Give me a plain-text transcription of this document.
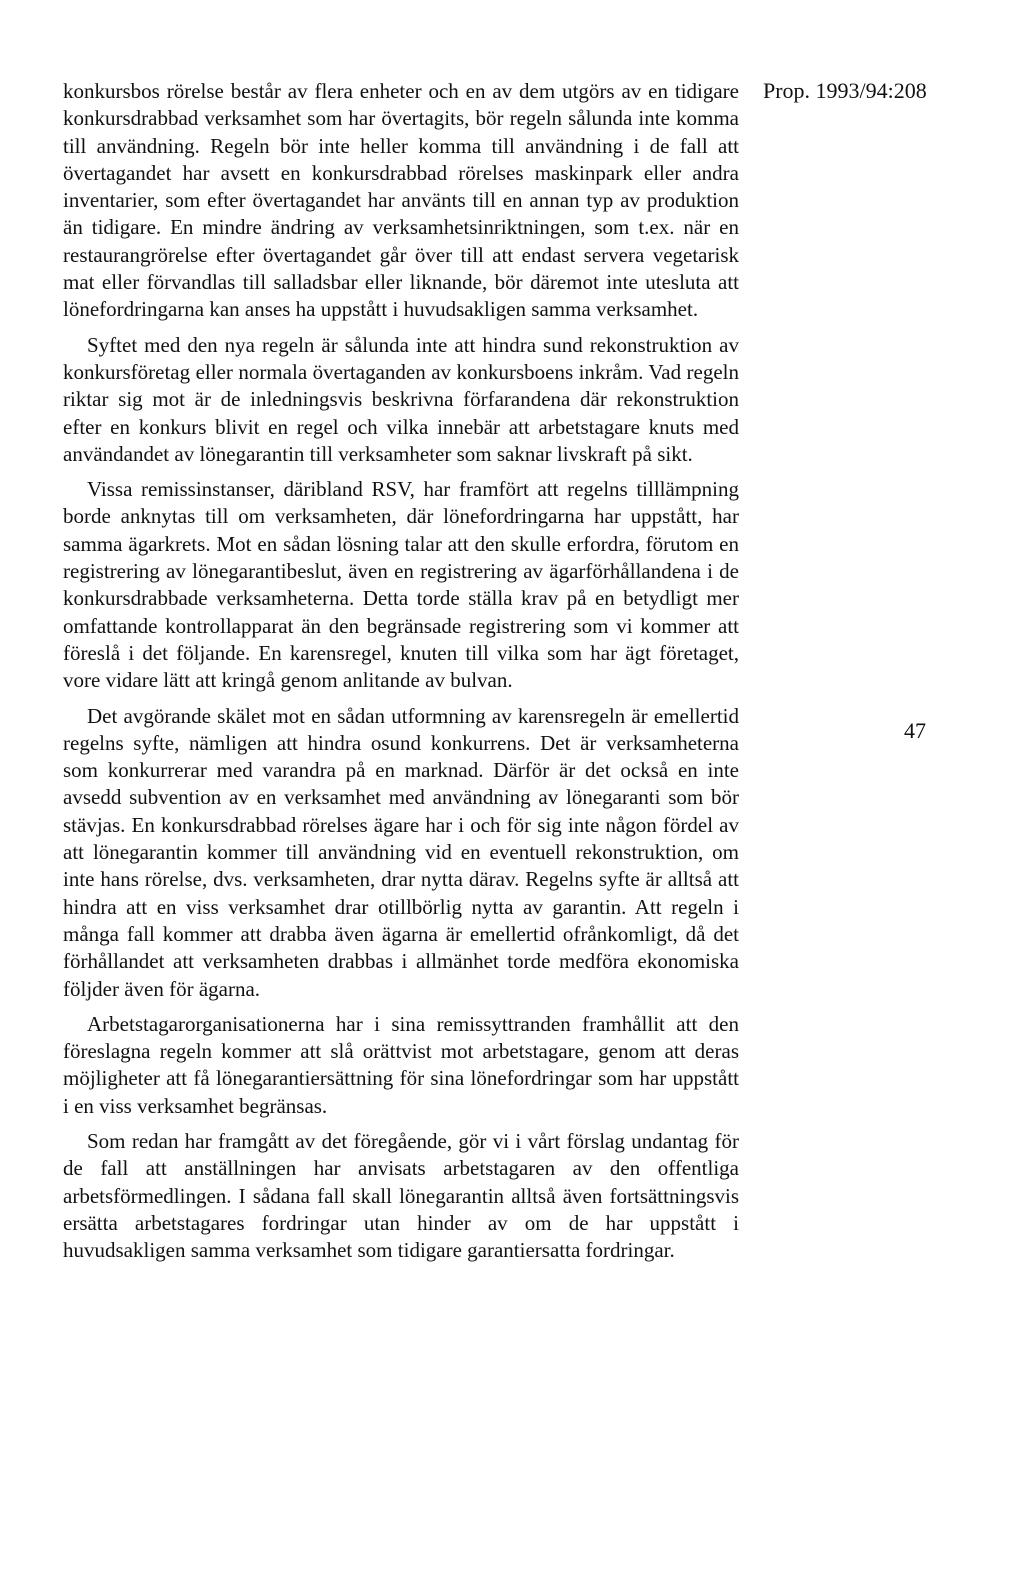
Prop. 1993/94:208

konkursbos rörelse består av flera enheter och en av dem utgörs av en tidigare konkursdrabbad verksamhet som har övertagits, bör regeln sålunda inte komma till användning. Regeln bör inte heller komma till användning i de fall att övertagandet har avsett en konkursdrabbad rörelses maskinpark eller andra inventarier, som efter övertagandet har använts till en annan typ av produktion än tidigare. En mindre ändring av verksamhetsinriktningen, som t.ex. när en restaurangrörelse efter övertagandet går över till att endast servera vegetarisk mat eller förvandlas till salladsbar eller liknande, bör däremot inte utesluta att lönefordringarna kan anses ha uppstått i huvudsakligen samma verksamhet.

Syftet med den nya regeln är sålunda inte att hindra sund rekonstruktion av konkursföretag eller normala övertaganden av konkursboens inkråm. Vad regeln riktar sig mot är de inledningsvis beskrivna förfarandena där rekonstruktion efter en konkurs blivit en regel och vilka innebär att arbetstagare knuts med användandet av lönegarantin till verksamheter som saknar livskraft på sikt.

Vissa remissinstanser, däribland RSV, har framfört att regelns tilllämpning borde anknytas till om verksamheten, där lönefordringarna har uppstått, har samma ägarkrets. Mot en sådan lösning talar att den skulle erfordra, förutom en registrering av lönegarantibeslut, även en registrering av ägarförhållandena i de konkursdrabbade verksamheterna. Detta torde ställa krav på en betydligt mer omfattande kontrollapparat än den begränsade registrering som vi kommer att föreslå i det följande. En karensregel, knuten till vilka som har ägt företaget, vore vidare lätt att kringå genom anlitande av bulvan.

Det avgörande skälet mot en sådan utformning av karensregeln är emellertid regelns syfte, nämligen att hindra osund konkurrens. Det är verksamheterna som konkurrerar med varandra på en marknad. Därför är det också en inte avsedd subvention av en verksamhet med användning av lönegaranti som bör stävjas. En konkursdrabbad rörelses ägare har i och för sig inte någon fördel av att lönegarantin kommer till användning vid en eventuell rekonstruktion, om inte hans rörelse, dvs. verksamheten, drar nytta därav. Regelns syfte är alltså att hindra att en viss verksamhet drar otillbörlig nytta av garantin. Att regeln i många fall kommer att drabba även ägarna är emellertid ofrånkomligt, då det förhållandet att verksamheten drabbas i allmänhet torde medföra ekonomiska följder även för ägarna.

Arbetstagarorganisationerna har i sina remissyttranden framhållit att den föreslagna regeln kommer att slå orättvist mot arbetstagare, genom att deras möjligheter att få lönegarantiersättning för sina lönefordringar som har uppstått i en viss verksamhet begränsas.

Som redan har framgått av det föregående, gör vi i vårt förslag undantag för de fall att anställningen har anvisats arbetstagaren av den offentliga arbetsförmedlingen. I sådana fall skall lönegarantin alltså även fortsättningsvis ersätta arbetstagares fordringar utan hinder av om de har uppstått i huvudsakligen samma verksamhet som tidigare garantiersatta fordringar.

47
